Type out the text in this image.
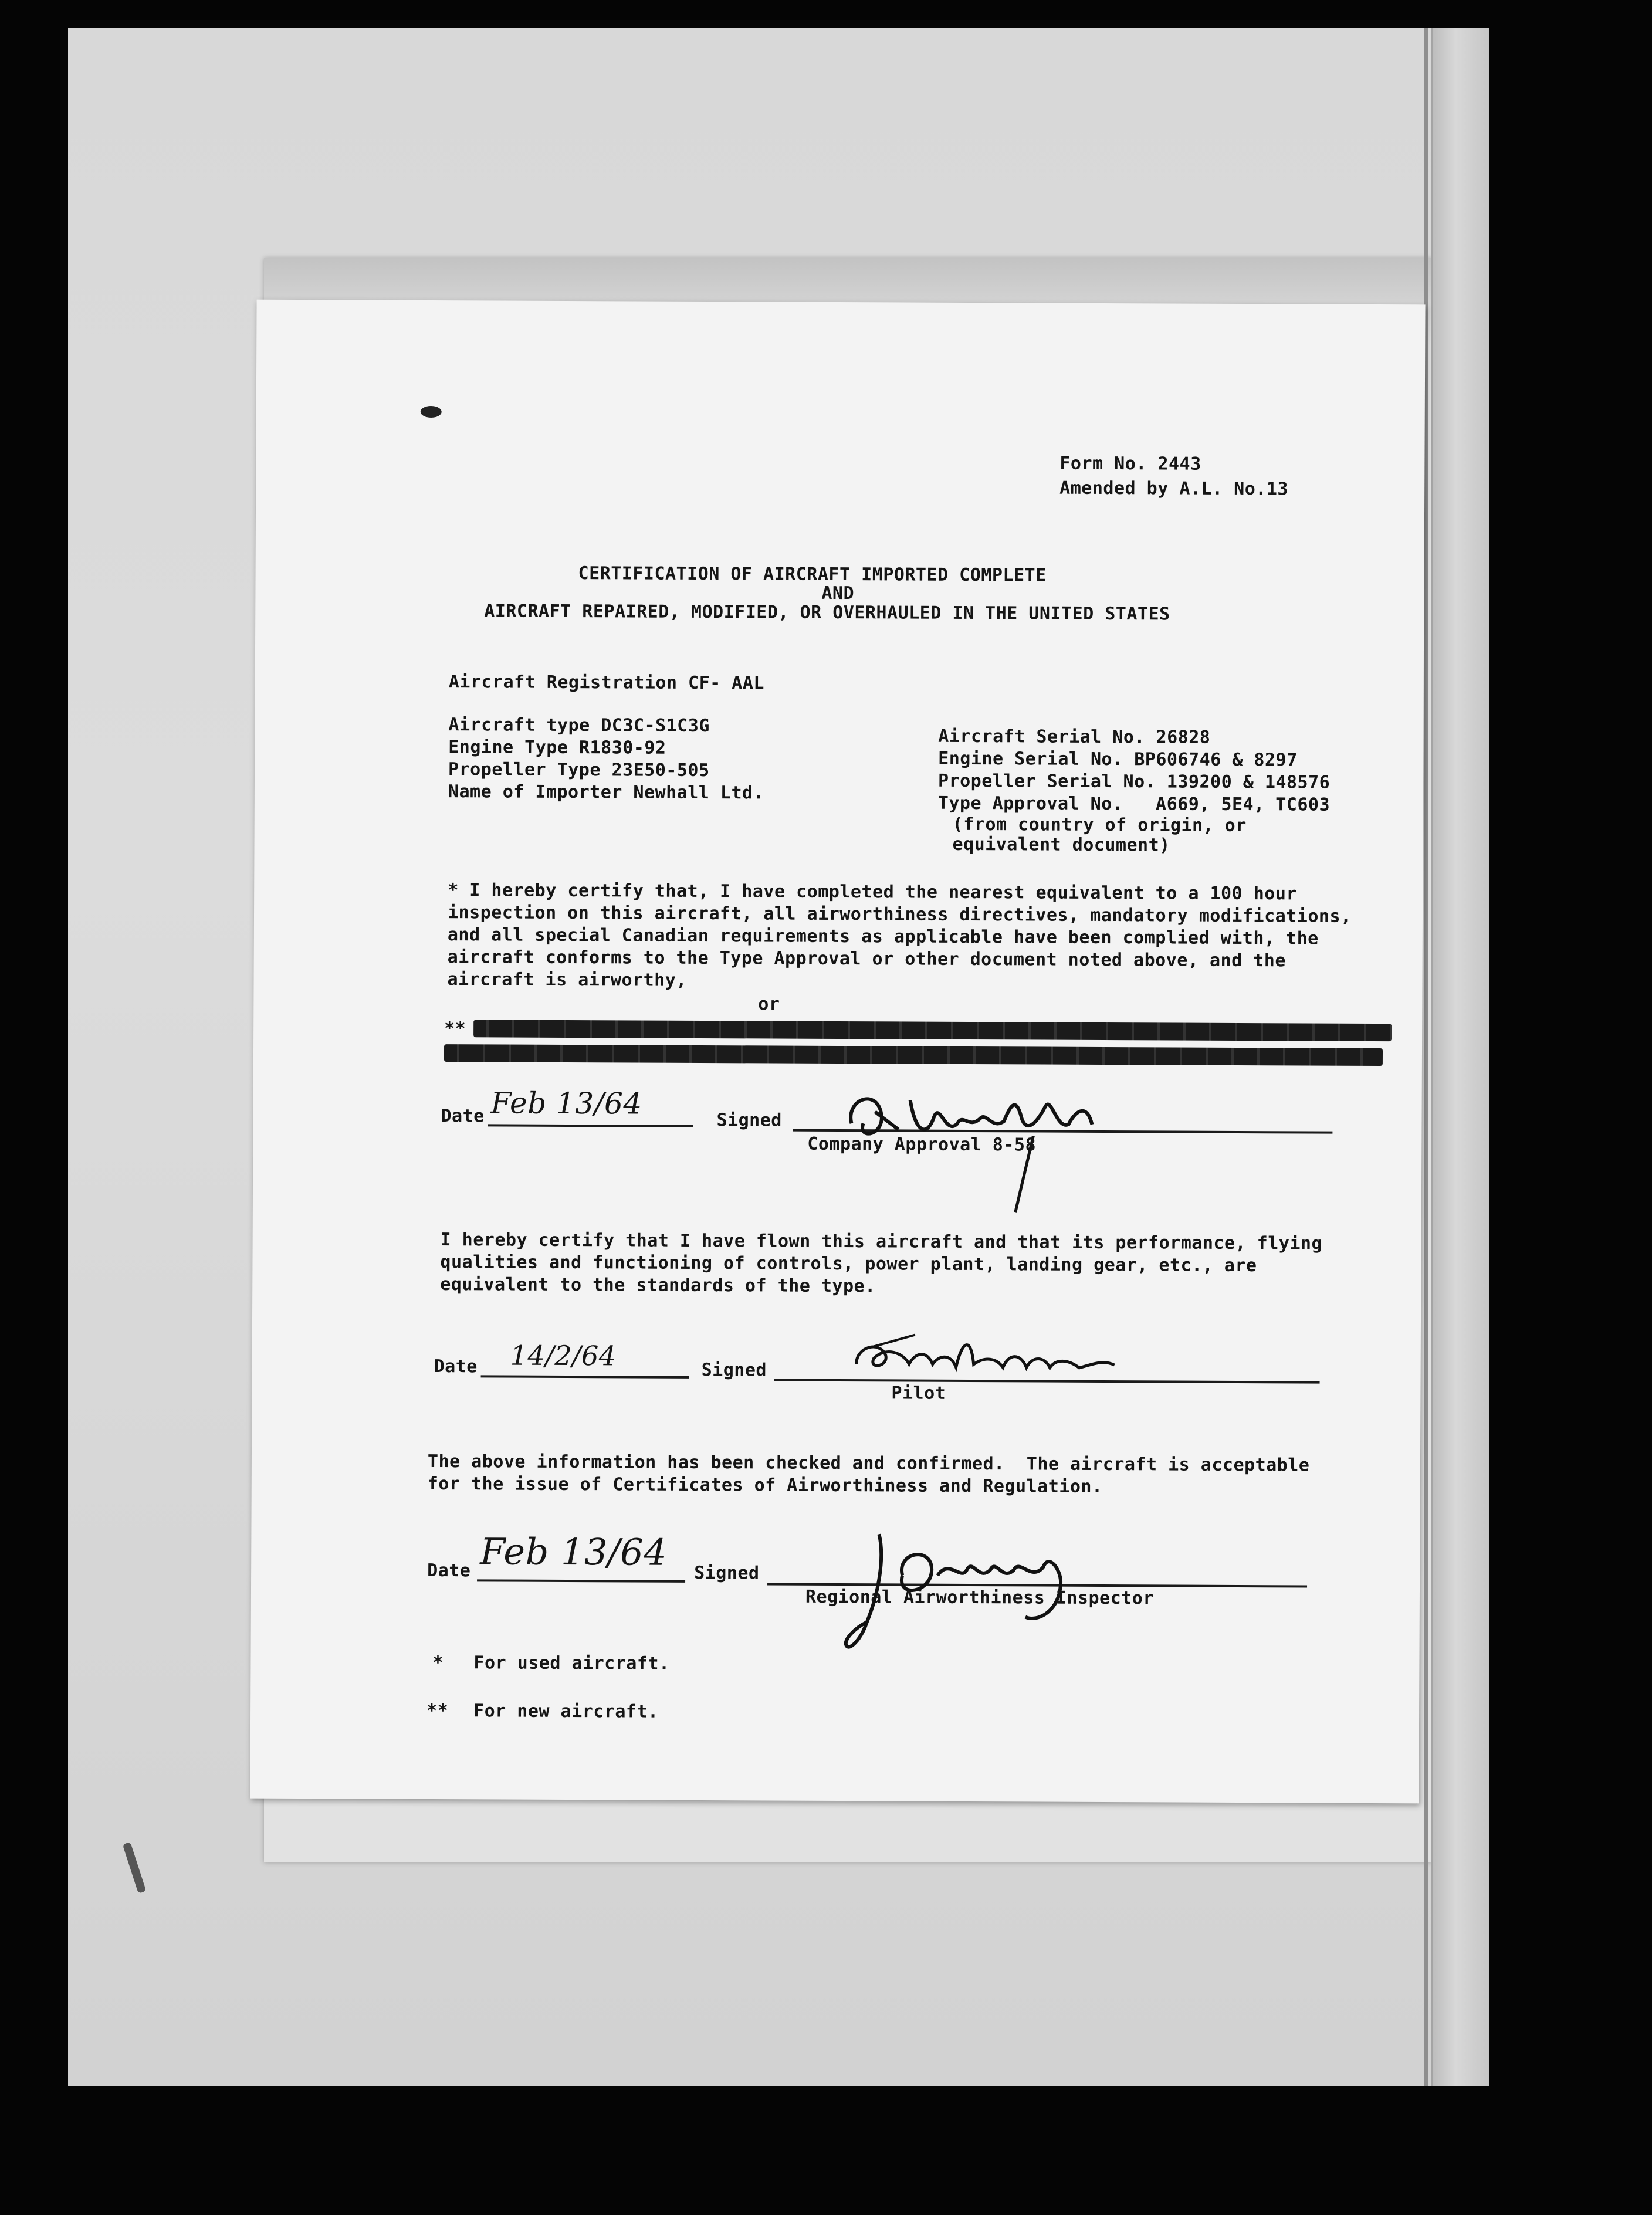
Form No. 2443
Amended by A.L. No.13
CERTIFICATION OF AIRCRAFT IMPORTED COMPLETE
AND
AIRCRAFT REPAIRED, MODIFIED, OR OVERHAULED IN THE UNITED STATES
Aircraft Registration CF- AAL
Aircraft type DC3C-S1C3G
Engine Type R1830-92
Propeller Type 23E50-505
Name of Importer Newhall Ltd.
Aircraft Serial No. 26828
Engine Serial No. BP606746 & 8297
Propeller Serial No. 139200 & 148576
Type Approval No.   A669, 5E4, TC603
(from country of origin, or
equivalent document)
* I hereby certify that, I have completed the nearest equivalent to a 100 hour
inspection on this aircraft, all airworthiness directives, mandatory modifications,
and all special Canadian requirements as applicable have been complied with, the
aircraft conforms to the Type Approval or other document noted above, and the
aircraft is airworthy,
or
**
Date Feb 13/64	Signed
Company Approval 8-58
I hereby certify that I have flown this aircraft and that its performance, flying
qualities and functioning of controls, power plant, landing gear, etc., are
equivalent to the standards of the type.
Date 14/2/64	Signed
Pilot
The above information has been checked and confirmed.  The aircraft is acceptable
for the issue of Certificates of Airworthiness and Regulation.
Date Feb 13/64 Signed
Regional Airworthiness Inspector
* For used aircraft.
** For new aircraft.
